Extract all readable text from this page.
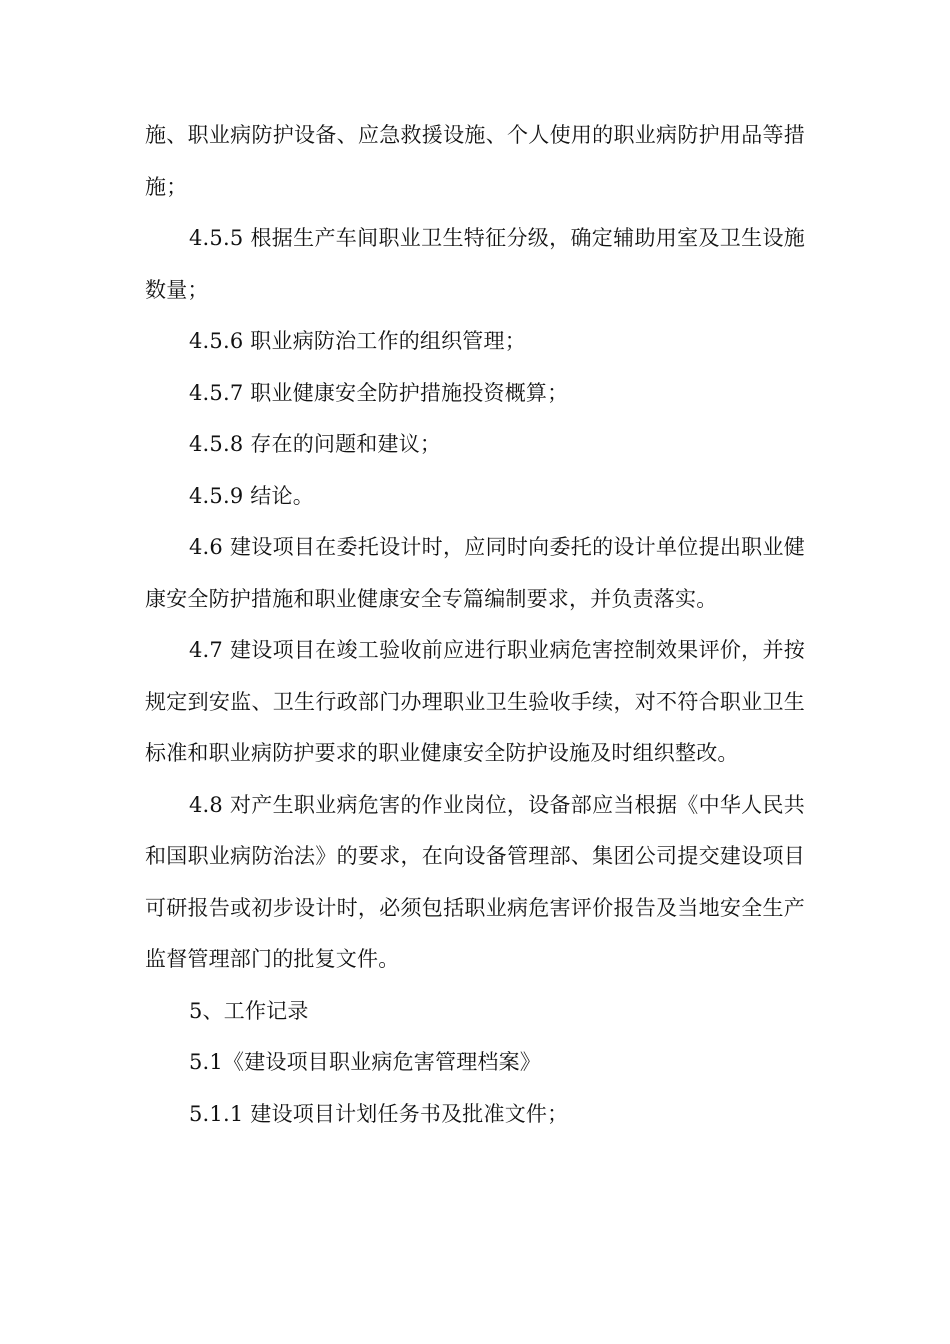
施、职业病防护设备、应急救援设施、个人使用的职业病防护用品等措施；

4.5.5 根据生产车间职业卫生特征分级，确定辅助用室及卫生设施数量；

4.5.6 职业病防治工作的组织管理；

4.5.7 职业健康安全防护措施投资概算；

4.5.8 存在的问题和建议；

4.5.9 结论。

4.6 建设项目在委托设计时，应同时向委托的设计单位提出职业健康安全防护措施和职业健康安全专篇编制要求，并负责落实。

4.7 建设项目在竣工验收前应进行职业病危害控制效果评价，并按规定到安监、卫生行政部门办理职业卫生验收手续，对不符合职业卫生标准和职业病防护要求的职业健康安全防护设施及时组织整改。

4.8 对产生职业病危害的作业岗位，设备部应当根据《中华人民共和国职业病防治法》的要求，在向设备管理部、集团公司提交建设项目可研报告或初步设计时，必须包括职业病危害评价报告及当地安全生产监督管理部门的批复文件。

5、工作记录

5.1《建设项目职业病危害管理档案》

5.1.1 建设项目计划任务书及批准文件；
